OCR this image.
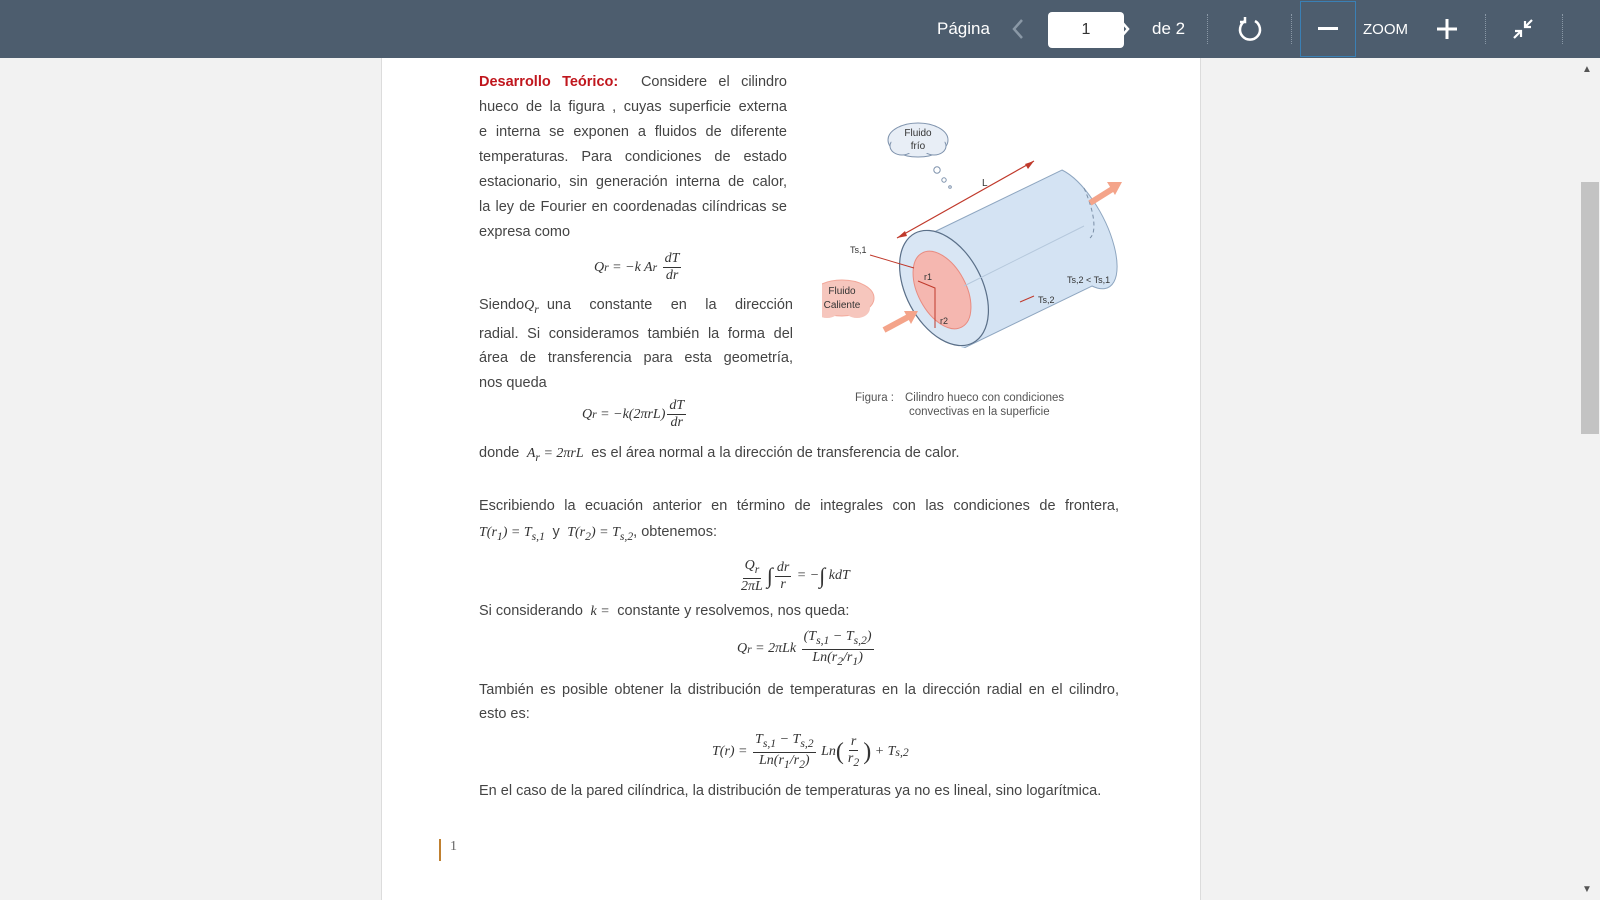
Página
1	de 2	ZOOM
Desarrollo Teórico: Considere el cilindro
hueco de la figura , cuyas superficie externa
e interna se exponen a fluidos de diferente
temperaturas. Para condiciones de estado
estacionario, sin generación interna de calor,
la ley de Fourier en coordenadas cilíndricas se
expresa como
Q r = −k A r
$\frac{dT}{dr}$
Siendo $Q_r$ una constante en la dirección
radial. Si consideramos también la forma del
área de transferencia para esta geometría,
nos queda
Q $r = -k(2\pi rL) \frac{dT}{dr}$
donde  $A_r = 2\pi rL$  es el área normal a la dirección de transferencia de calor.
Escribiendo la ecuación anterior en término de integrales con las condiciones de frontera,
$T(r_1) = T_{s,1}$ y  $T(r_2) = T_{s,2}$, obtenemos:
$\frac{Q_r}{2\pi L}$ ∫ $\frac{dr}{r}$ = − ∫ kdT
Si considerando  k =  constante y resolvemos, nos queda:
Q $r = 2\pi Lk \frac{(T_{s,1} - T_{s,2})}{Ln(r_2/r_1)}$
También es posible obtener la distribución de temperaturas en la dirección radial en el cilindro,
esto es:
$T(r) = \frac{T_{s,1} - T_{s,2}}{Ln(r_1/r_2)}$ Ln ( $\frac{r}{r_2}$ ) + T s,2
En el caso de la pared cilíndrica, la distribución de temperaturas ya no es lineal, sino logarítmica.
1
L
Fluido
frío
Fluido
Caliente
Ts,1
r1
r2
Ts,2
Ts,2 < Ts,1
Figura : Cilindro hueco con condiciones
convectivas en la superficie
▲
▼
